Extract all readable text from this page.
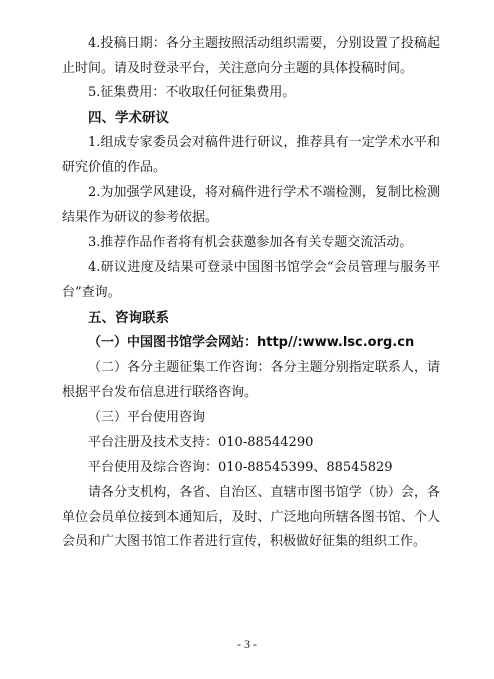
4.投稿日期：各分主题按照活动组织需要，分别设置了投稿起止时间。请及时登录平台，关注意向分主题的具体投稿时间。
5.征集费用：不收取任何征集费用。
四、学术研议
1.组成专家委员会对稿件进行研议，推荐具有一定学术水平和研究价值的作品。
2.为加强学风建设，将对稿件进行学术不端检测，复制比检测结果作为研议的参考依据。
3.推荐作品作者将有机会获邀参加各有关专题交流活动。
4.研议进度及结果可登录中国图书馆学会“会员管理与服务平台”查询。
五、咨询联系
（一）中国图书馆学会网站：http//:www.lsc.org.cn
（二）各分主题征集工作咨询：各分主题分别指定联系人，请根据平台发布信息进行联络咨询。
（三）平台使用咨询
平台注册及技术支持：010-88544290
平台使用及综合咨询：010-88545399、88545829
请各分支机构，各省、自治区、直辖市图书馆学（协）会，各单位会员单位接到本通知后，及时、广泛地向所辖各图书馆、个人会员和广大图书馆工作者进行宣传，积极做好征集的组织工作。
- 3 -
